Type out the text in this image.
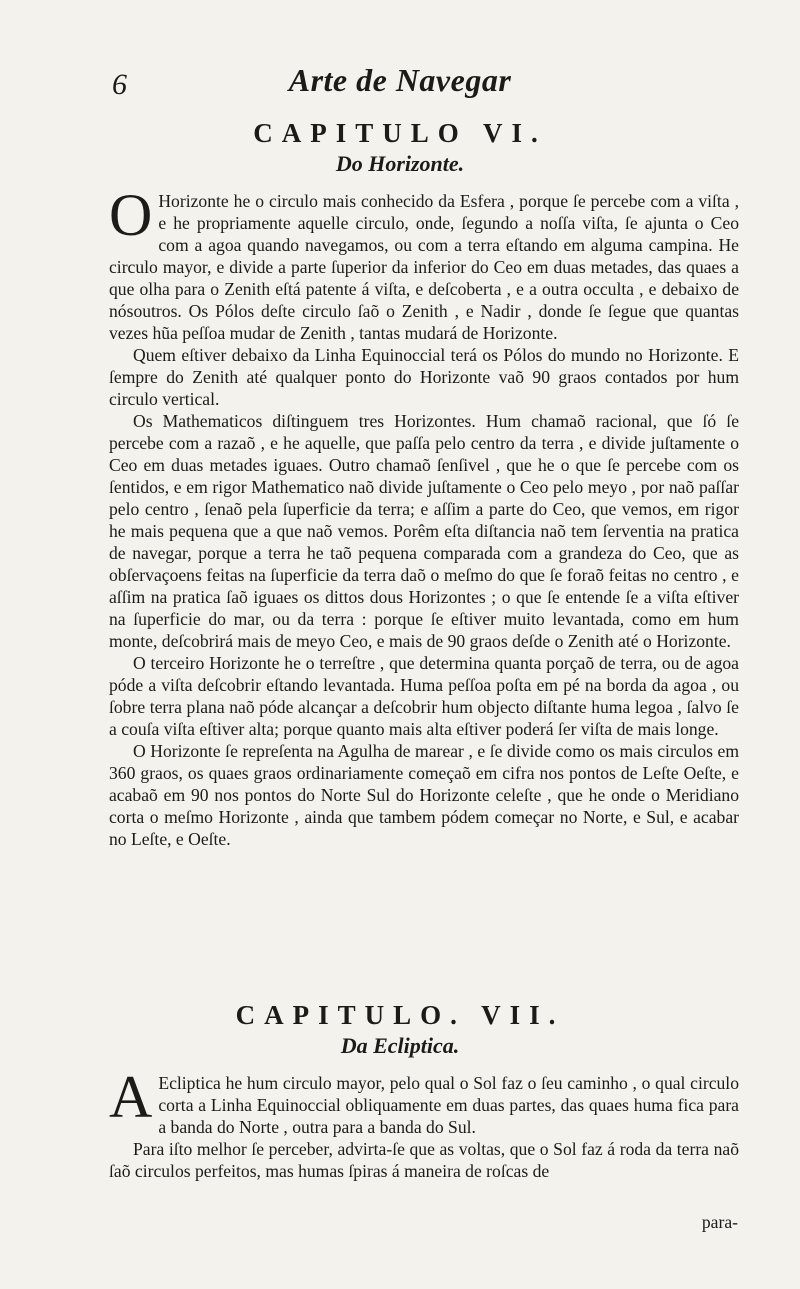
6	Arte de Navegar
CAPITULO VI.
Do Horizonte.

O Horizonte he o circulo mais conhecido da Esfera , porque ſe percebe com a viſta , e he propriamente aquelle circulo, onde, ſegundo a noſſa viſta, ſe ajunta o Ceo com a agoa quando navegamos, ou com a terra eſtando em alguma campina. He circulo mayor, e divide a parte ſuperior da inferior do Ceo em duas metades, das quaes a que olha para o Zenith eſtá patente á viſta, e deſcoberta , e a outra occulta , e debaixo de nósoutros. Os Pólos deſte circulo ſaõ o Zenith , e Nadir , donde ſe ſegue que quantas vezes hũa peſſoa mudar de Zenith , tantas mudará de Horizonte.

Quem eſtiver debaixo da Linha Equinoccial terá os Pólos do mundo no Horizonte. E ſempre do Zenith até qualquer ponto do Horizonte vaõ 90 graos contados por hum circulo vertical.

Os Mathematicos diſtinguem tres Horizontes. Hum chamaõ racional, que ſó ſe percebe com a razaõ , e he aquelle, que paſſa pelo centro da terra , e divide juſtamente o Ceo em duas metades iguaes. Outro chamaõ ſenſivel , que he o que ſe percebe com os ſentidos, e em rigor Mathematico naõ divide juſtamente o Ceo pelo meyo , por naõ paſſar pelo centro , ſenaõ pela ſuperficie da terra; e aſſim a parte do Ceo, que vemos, em rigor he mais pequena que a que naõ vemos. Porêm eſta diſtancia naõ tem ſerventia na pratica de navegar, porque a terra he taõ pequena comparada com a grandeza do Ceo, que as obſervaçoens feitas na ſuperficie da terra daõ o meſmo do que ſe foraõ feitas no centro , e aſſim na pratica ſaõ iguaes os dittos dous Horizontes ; o que ſe entende ſe a viſta eſtiver na ſuperficie do mar, ou da terra : porque ſe eſtiver muito levantada, como em hum monte, deſcobrirá mais de meyo Ceo, e mais de 90 graos deſde o Zenith até o Horizonte.

O terceiro Horizonte he o terreſtre , que determina quanta porçaõ de terra, ou de agoa póde a viſta deſcobrir eſtando levantada. Huma peſſoa poſta em pé na borda da agoa , ou ſobre terra plana naõ póde alcançar a deſcobrir hum objecto diſtante huma legoa , ſalvo ſe a couſa viſta eſtiver alta; porque quanto mais alta eſtiver poderá ſer viſta de mais longe.

O Horizonte ſe repreſenta na Agulha de marear , e ſe divide como os mais circulos em 360 graos, os quaes graos ordinariamente começaõ em cifra nos pontos de Leſte Oeſte, e acabaõ em 90 nos pontos do Norte Sul do Horizonte celeſte , que he onde o Meridiano corta o meſmo Horizonte , ainda que tambem pódem começar no Norte, e Sul, e acabar no Leſte, e Oeſte.

CAPITULO. VII.
Da Ecliptica.

A Ecliptica he hum circulo mayor, pelo qual o Sol faz o ſeu caminho , o qual circulo corta a Linha Equinoccial obliquamente em duas partes, das quaes huma fica para a banda do Norte , outra para a banda do Sul.

Para iſto melhor ſe perceber, advirta-ſe que as voltas, que o Sol faz á roda da terra naõ ſaõ circulos perfeitos, mas humas ſpiras á maneira de roſcas de

para-
